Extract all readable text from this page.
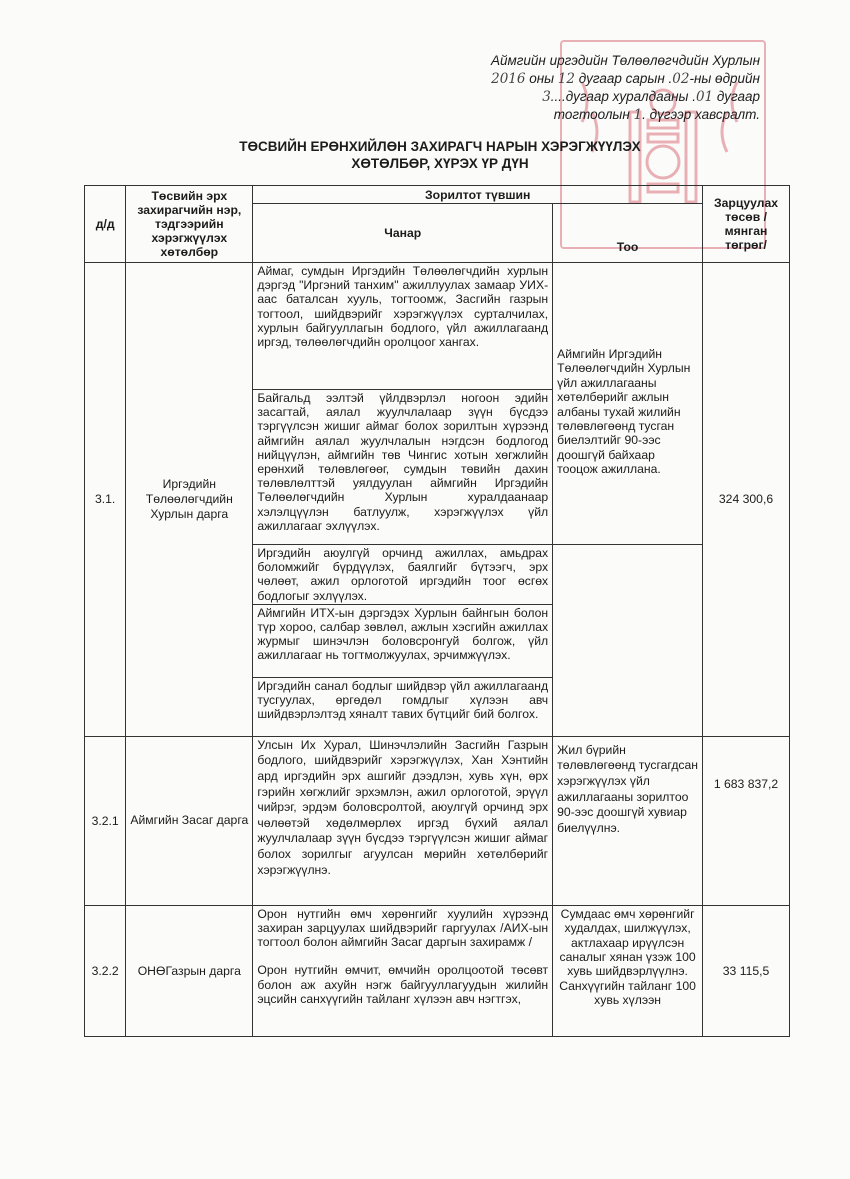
Аймгийн иргэдийн Төлөөлөгчдийн Хурлын
2016 оны 12 дугаар сарын .02-ны өдрийн
3....дугаар хуралдааны .01 дугаар
тогтоолын 1. дүгээр хавсралт.
ТӨСВИЙН ЕРӨНХИЙЛӨН ЗАХИРАГЧ НАРЫН ХЭРЭГЖҮҮЛЭХ
ХӨТӨЛБӨР, ХҮРЭХ ҮР ДҮН
д/д	Төсвийн эрх захирагчийн нэр, тэдгээрийн хэрэгжүүлэх хөтөлбөр	Зорилтот түвшин		Зарцуулах төсөв /мянган төгрөг/
		Чанар	Тоо	
3.1.	Иргэдийн Төлөөлөгчдийн Хурлын дарга	Аймаг, сумдын Иргэдийн Төлөөлөгчдийн хурлын дэргэд "Иргэний танхим" ажиллуулах замаар УИХ-аас баталсан хууль, тогтоомж, Засгийн газрын тогтоол, шийдвэрийг хэрэгжүүлэх сурталчилах, хурлын байгууллагын бодлого, үйл ажиллагаанд иргэд, төлөөлөгчдийн оролцоог хангах.	Аймгийн Иргэдийн Төлөөлөгчдийн Хурлын үйл ажиллагааны хөтөлбөрийг ажлын албаны тухай жилийн төлөвлөгөөнд тусган биелэлтийг 90-ээс доошгүй байхаар тооцож ажиллана.	324 300,6
		Байгальд ээлтэй үйлдвэрлэл ногоон эдийн засагтай, аялал жуулчлалаар зүүн бүсдээ тэргүүлсэн жишиг аймаг болох зорилтын хүрээнд аймгийн аялал жуулчлалын нэгдсэн бодлогод нийцүүлэн, аймгийн төв Чингис хотын хөгжлийн ерөнхий төлөвлөгөөг, сумдын төвийн дахин төлөвлөлттэй уялдуулан аймгийн Иргэдийн Төлөөлөгчдийн Хурлын хуралдаанаар хэлэлцүүлэн батлуулж, хэрэгжүүлэх үйл ажиллагааг эхлүүлэх.		
		Иргэдийн аюулгүй орчинд ажиллах, амьдрах боломжийг бүрдүүлэх, баялгийг бүтээгч, эрх чөлөөт, ажил орлоготой иргэдийн тоог өсгөх бодлогыг эхлүүлэх.		
		Аймгийн ИТХ-ын дэргэдэх Хурлын байнгын болон түр хороо, салбар зөвлөл, ажлын хэсгийн ажиллах журмыг шинэчлэн боловсронгуй болгож, үйл ажиллагааг нь тогтмолжуулах, эрчимжүүлэх.		
		Иргэдийн санал бодлыг шийдвэр үйл ажиллагаанд тусгуулах, өргөдөл гомдлыг хүлээн авч шийдвэрлэлтэд хяналт тавих бүтцийг бий болгох.		
3.2.1	Аймгийн Засаг дарга	Улсын Их Хурал, Шинэчлэлийн Засгийн Газрын бодлого, шийдвэрийг хэрэгжүүлэх, Хан Хэнтийн ард иргэдийн эрх ашгийг дээдлэн, хувь хүн, өрх гэрийн хөгжлийг эрхэмлэн, ажил орлоготой, эрүүл чийрэг, эрдэм боловсролтой, аюулгүй орчинд эрх чөлөөтэй хөдөлмөрлөх иргэд бүхий аялал жуулчлалаар зүүн бүсдээ тэргүүлсэн жишиг аймаг болох зорилгыг агуулсан мөрийн хөтөлбөрийг хэрэгжүүлнэ.	Жил бүрийн төлөвлөгөөнд тусгагдсан хэрэгжүүлэх үйл ажиллагааны зорилтоо 90-ээс доошгүй хувиар биелүүлнэ.	1 683 837,2
3.2.2	ОНӨГазрын дарга	Орон нутгийн өмч хөрөнгийг хуулийн хүрээнд захиран зарцуулах шийдвэрийг гаргуулах /АИХ-ын тогтоол болон аймгийн Засаг даргын захирамж /
Орон нутгийн өмчит, өмчийн оролцоотой төсөвт болон аж ахуйн нэгж байгууллагуудын жилийн эцсийн санхүүгийн тайланг хүлээн авч нэгтгэх,	Сумдаас өмч хөрөнгийг худалдах, шилжүүлэх, актлахаар ирүүлсэн саналыг хянан үзэж 100 хувь шийдвэрлүүлнэ. Санхүүгийн тайланг 100 хувь хүлээн	33 115,5
